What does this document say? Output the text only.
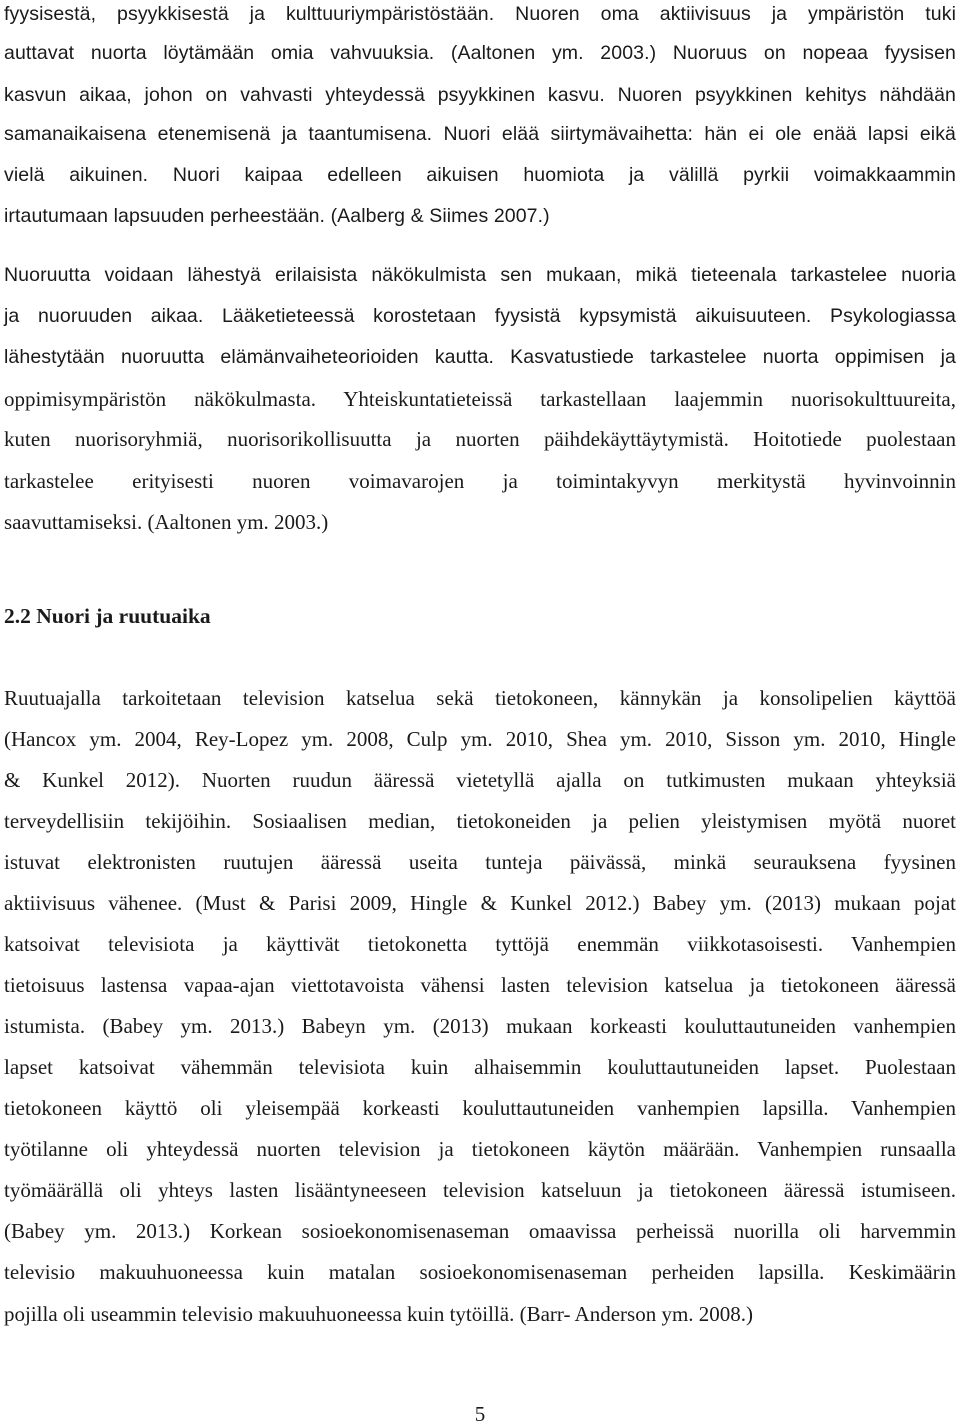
fyysisestä, psyykkisestä ja kulttuuriympäristöstään. Nuoren oma aktiivisuus ja ympäristön tuki
auttavat nuorta löytämään omia vahvuuksia. (Aaltonen ym. 2003.) Nuoruus on nopeaa fyysisen
kasvun aikaa, johon on vahvasti yhteydessä psyykkinen kasvu. Nuoren psyykkinen kehitys nähdään
samanaikaisena etenemisenä ja taantumisena. Nuori elää siirtymävaihetta: hän ei ole enää lapsi eikä
vielä aikuinen. Nuori kaipaa edelleen aikuisen huomiota ja välillä pyrkii voimakkaammin
irtautumaan lapsuuden perheestään. (Aalberg & Siimes 2007.)
Nuoruutta voidaan lähestyä erilaisista näkökulmista sen mukaan, mikä tieteenala tarkastelee nuoria
ja nuoruuden aikaa. Lääketieteessä korostetaan fyysistä kypsymistä aikuisuuteen. Psykologiassa
lähestytään nuoruutta elämänvaiheteorioiden kautta. Kasvatustiede tarkastelee nuorta oppimisen ja
oppimisympäristön näkökulmasta. Yhteiskuntatieteissä tarkastellaan laajemmin nuorisokulttuureita,
kuten nuorisoryhmiä, nuorisorikollisuutta ja nuorten päihdekäyttäytymistä. Hoitotiede puolestaan
tarkastelee erityisesti nuoren voimavarojen ja toimintakyvyn merkitystä hyvinvoinnin
saavuttamiseksi. (Aaltonen ym. 2003.)
2.2 Nuori ja ruutuaika
Ruutuajalla tarkoitetaan television katselua sekä tietokoneen, kännykän ja konsolipelien käyttöä
(Hancox ym. 2004, Rey-Lopez ym. 2008, Culp ym. 2010, Shea ym. 2010, Sisson ym. 2010, Hingle
& Kunkel 2012). Nuorten ruudun ääressä vietetyllä ajalla on tutkimusten mukaan yhteyksiä
terveydellisiin tekijöihin. Sosiaalisen median, tietokoneiden ja pelien yleistymisen myötä nuoret
istuvat elektronisten ruutujen ääressä useita tunteja päivässä, minkä seurauksena fyysinen
aktiivisuus vähenee. (Must & Parisi 2009, Hingle & Kunkel 2012.) Babey ym. (2013) mukaan pojat
katsoivat televisiota ja käyttivät tietokonetta tyttöjä enemmän viikkotasoisesti. Vanhempien
tietoisuus lastensa vapaa-ajan viettotavoista vähensi lasten television katselua ja tietokoneen ääressä
istumista. (Babey ym. 2013.) Babeyn ym. (2013) mukaan korkeasti kouluttautuneiden vanhempien
lapset katsoivat vähemmän televisiota kuin alhaisemmin kouluttautuneiden lapset. Puolestaan
tietokoneen käyttö oli yleisempää korkeasti kouluttautuneiden vanhempien lapsilla. Vanhempien
työtilanne oli yhteydessä nuorten television ja tietokoneen käytön määrään. Vanhempien runsaalla
työmäärällä oli yhteys lasten lisääntyneeseen television katseluun ja tietokoneen ääressä istumiseen.
(Babey ym. 2013.) Korkean sosioekonomisenaseman omaavissa perheissä nuorilla oli harvemmin
televisio makuuhuoneessa kuin matalan sosioekonomisenaseman perheiden lapsilla. Keskimäärin
pojilla oli useammin televisio makuuhuoneessa kuin tytöillä. (Barr- Anderson ym. 2008.)
5
